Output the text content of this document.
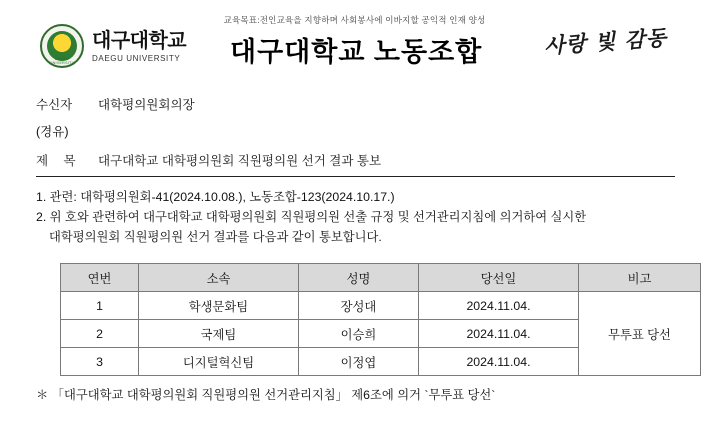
교육목표:전인교육을 지향하며 사회봉사에 이바지할 공익적 인재 양성
DAEGU UNIVERSITY
대구대학교
DAEGU UNIVERSITY 대구대학교 노동조합	사랑 빛 감동
수신자 대학평의원회의장
(경유)
제 목 대구대학교 대학평의원회 직원평의원 선거 결과 통보
1. 관련: 대학평의원회-41(2024.10.08.), 노동조합-123(2024.10.17.)
2. 위 호와 관련하여 대구대학교 대학평의원회 직원평의원 선출 규정 및 선거관리지침에 의거하여 실시한
대학평의원회 직원평의원 선거 결과를 다음과 같이 통보합니다.
연번	소속	성명	당선일	비고
1	학생문화팀	장성대	2024.11.04.	무투표 당선
2	국제팀	이승희	2024.11.04.	
3	디지털혁신팀	이정엽	2024.11.04.	
＊ 「대구대학교 대학평의원회 직원평의원 선거관리지침」 제6조에 의거 `무투표 당선`
